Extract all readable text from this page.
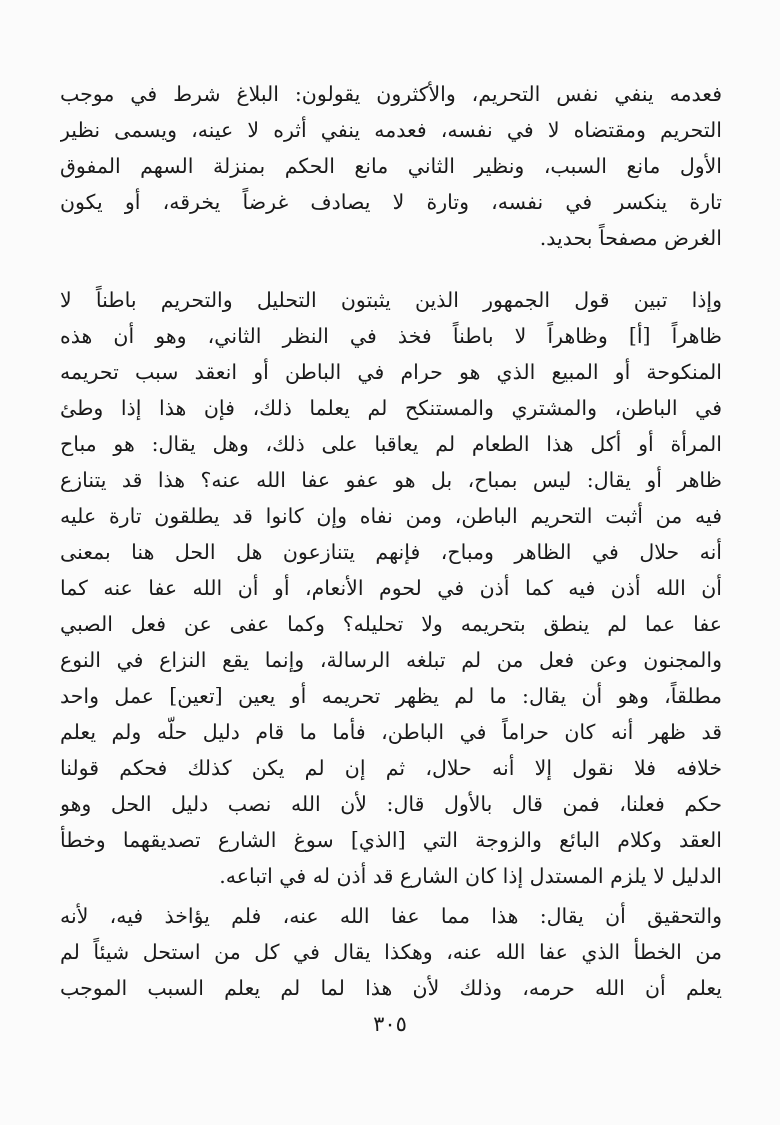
فعدمه ينفي نفس التحريم، والأكثرون يقولون: البلاغ شرط في موجب
التحريم ومقتضاه لا في نفسه، فعدمه ينفي أثره لا عينه، ويسمى نظير
الأول مانع السبب، ونظير الثاني مانع الحكم بمنزلة السهم المفوق
تارة ينكسر في نفسه، وتارة لا يصادف غرضاً يخرقه، أو يكون
الغرض مصفحاً بحديد.
وإذا تبين قول الجمهور الذين يثبتون التحليل والتحريم باطناً لا
ظاهراً [أ] وظاهراً لا باطناً فخذ في النظر الثاني، وهو أن هذه
المنكوحة أو المبيع الذي هو حرام في الباطن أو انعقد سبب تحريمه
في الباطن، والمشتري والمستنكح لم يعلما ذلك، فإن هذا إذا وطئ
المرأة أو أكل هذا الطعام لم يعاقبا على ذلك، وهل يقال: هو مباح
ظاهر أو يقال: ليس بمباح، بل هو عفو عفا الله عنه؟ هذا قد يتنازع
فيه من أثبت التحريم الباطن، ومن نفاه وإن كانوا قد يطلقون تارة عليه
أنه حلال في الظاهر ومباح، فإنهم يتنازعون هل الحل هنا بمعنى
أن الله أذن فيه كما أذن في لحوم الأنعام، أو أن الله عفا عنه كما
عفا عما لم ينطق بتحريمه ولا تحليله؟ وكما عفى عن فعل الصبي
والمجنون وعن فعل من لم تبلغه الرسالة، وإنما يقع النزاع في النوع
مطلقاً، وهو أن يقال: ما لم يظهر تحريمه أو يعين [تعين] عمل واحد
قد ظهر أنه كان حراماً في الباطن، فأما ما قام دليل حلّه ولم يعلم
خلافه فلا نقول إلا أنه حلال، ثم إن لم يكن كذلك فحكم قولنا
حكم فعلنا، فمن قال بالأول قال: لأن الله نصب دليل الحل وهو
العقد وكلام البائع والزوجة التي [الذي] سوغ الشارع تصديقهما وخطأ
الدليل لا يلزم المستدل إذا كان الشارع قد أذن له في اتباعه.
والتحقيق أن يقال: هذا مما عفا الله عنه، فلم يؤاخذ فيه، لأنه
من الخطأ الذي عفا الله عنه، وهكذا يقال في كل من استحل شيئاً لم
يعلم أن الله حرمه، وذلك لأن هذا لما لم يعلم السبب الموجب
٣٠٥
